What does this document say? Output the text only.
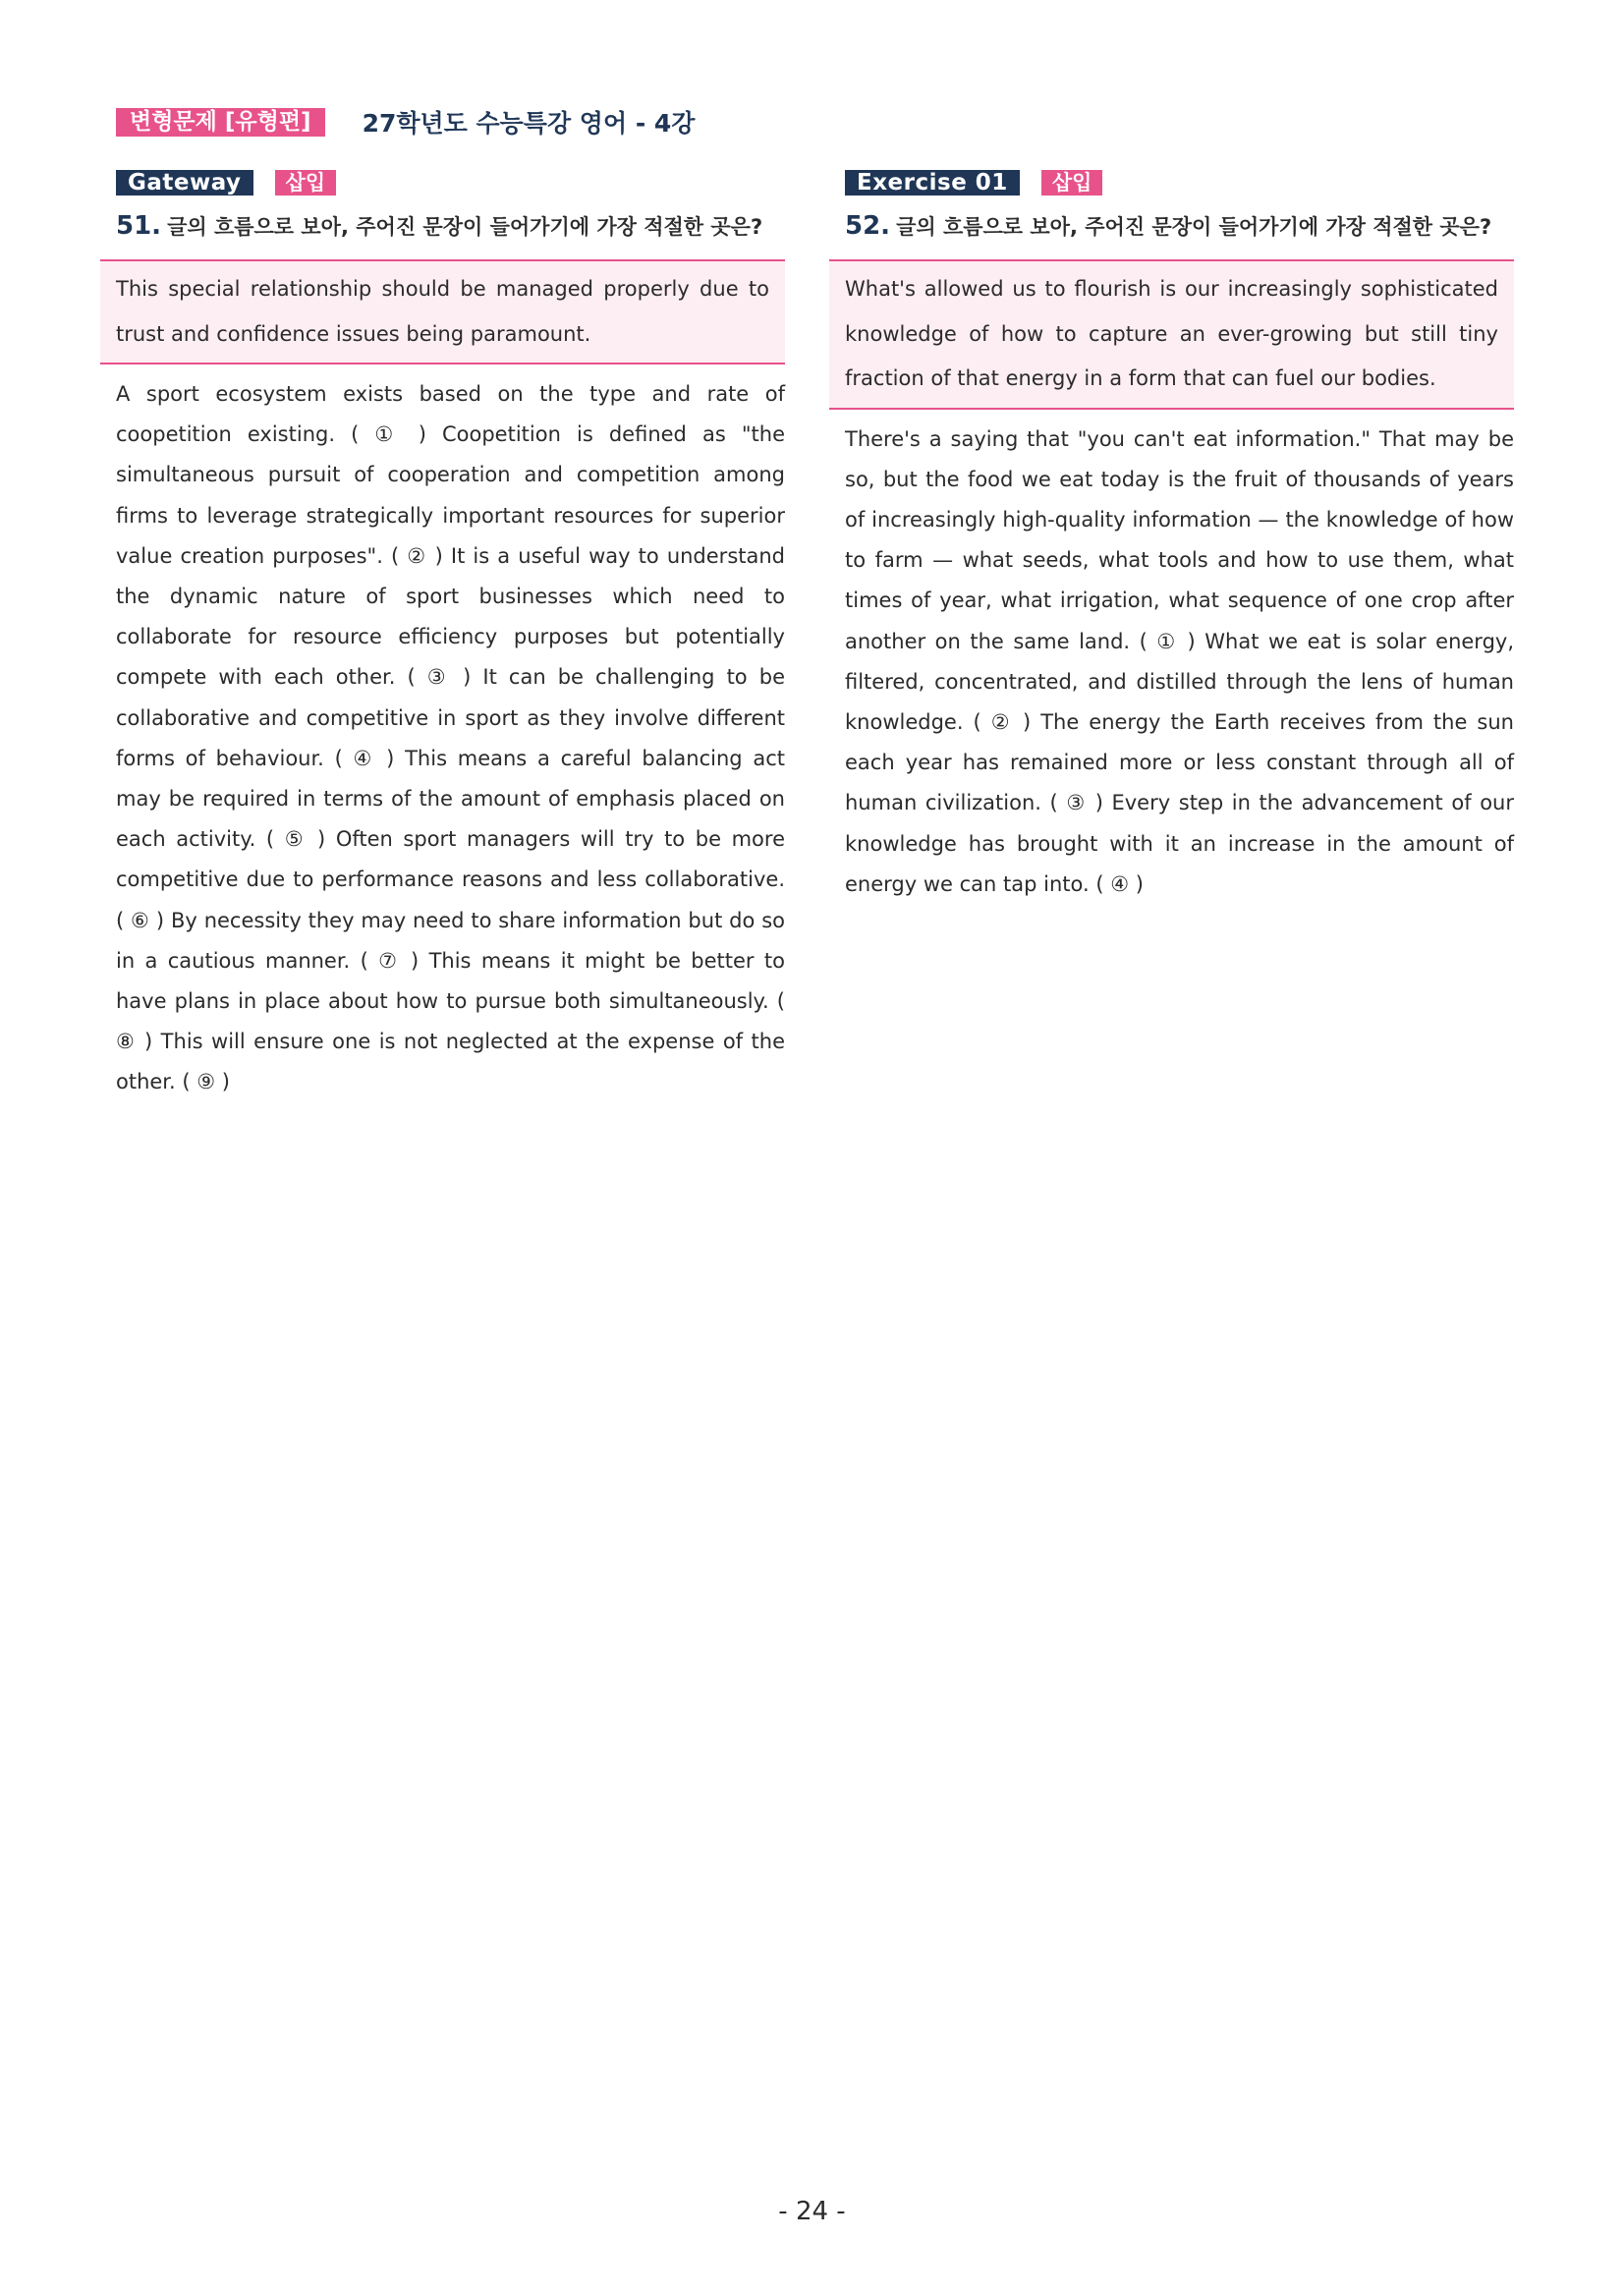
변형문제 [유형편]	27학년도 수능특강 영어 - 4강
Gateway	삽입
51. 글의 흐름으로 보아, 주어진 문장이 들어가기에 가장 적절한 곳은?

This special relationship should be managed properly due to trust and confidence issues being paramount.

A sport ecosystem exists based on the type and rate of coopetition existing. ( ① ) Coopetition is defined as "the simultaneous pursuit of cooperation and competition among firms to leverage strategically important resources for superior value creation purposes". ( ② ) It is a useful way to understand the dynamic nature of sport businesses which need to collaborate for resource efficiency purposes but potentially compete with each other. ( ③ ) It can be challenging to be collaborative and competitive in sport as they involve different forms of behaviour. ( ④ ) This means a careful balancing act may be required in terms of the amount of emphasis placed on each activity. ( ⑤ ) Often sport managers will try to be more competitive due to performance reasons and less collaborative. ( ⑥ ) By necessity they may need to share information but do so in a cautious manner. ( ⑦ ) This means it might be better to have plans in place about how to pursue both simultaneously. ( ⑧ ) This will ensure one is not neglected at the expense of the other. ( ⑨ )

Exercise 01	삽입
52. 글의 흐름으로 보아, 주어진 문장이 들어가기에 가장 적절한 곳은?

What's allowed us to flourish is our increasingly sophisticated knowledge of how to capture an ever-growing but still tiny fraction of that energy in a form that can fuel our bodies.

There's a saying that "you can't eat information." That may be so, but the food we eat today is the fruit of thousands of years of increasingly high-quality information — the knowledge of how to farm — what seeds, what tools and how to use them, what times of year, what irrigation, what sequence of one crop after another on the same land. ( ① ) What we eat is solar energy, filtered, concentrated, and distilled through the lens of human knowledge. ( ② ) The energy the Earth receives from the sun each year has remained more or less constant through all of human civilization. ( ③ ) Every step in the advancement of our knowledge has brought with it an increase in the amount of energy we can tap into. ( ④ )

- 24 -
